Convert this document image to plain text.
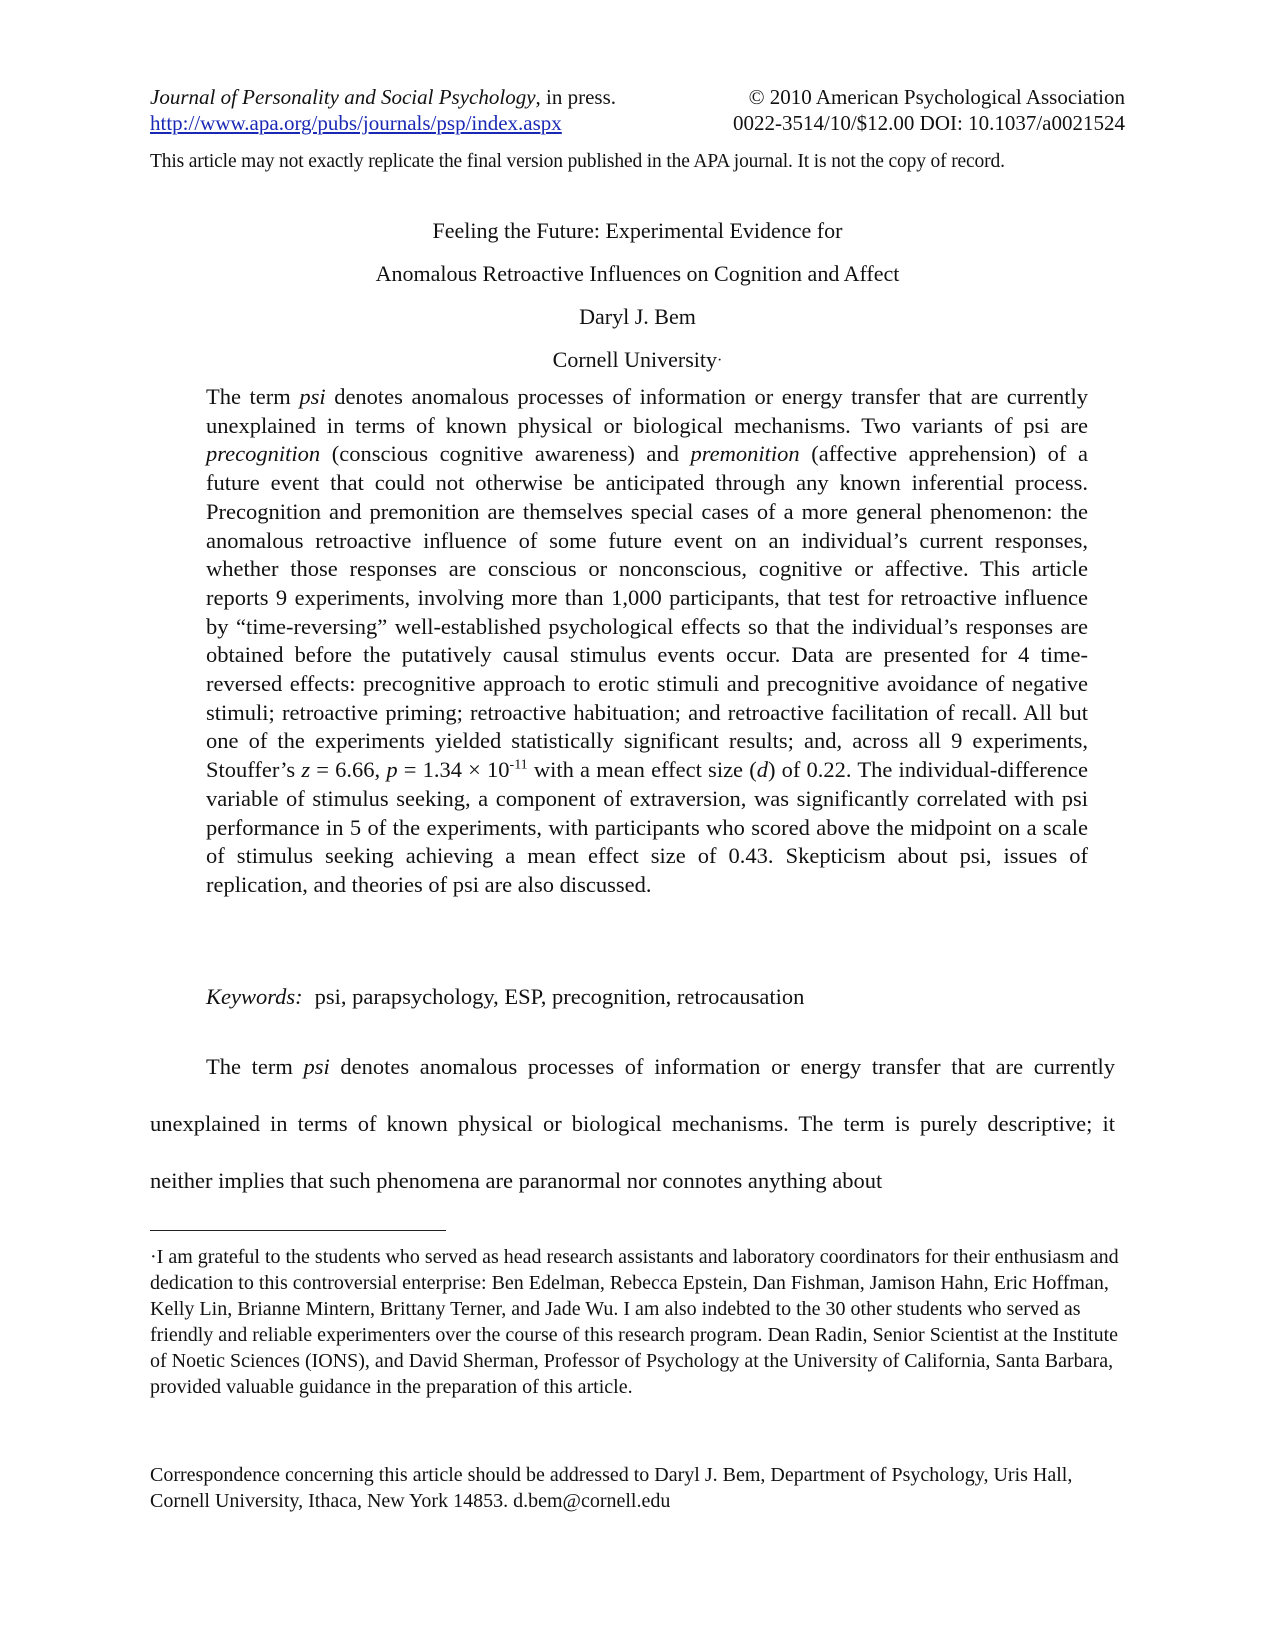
Journal of Personality and Social Psychology, in press.
http://www.apa.org/pubs/journals/psp/index.aspx
© 2010 American Psychological Association
0022-3514/10/$12.00 DOI: 10.1037/a0021524
This article may not exactly replicate the final version published in the APA journal. It is not the copy of record.
Feeling the Future: Experimental Evidence for
Anomalous Retroactive Influences on Cognition and Affect
Daryl J. Bem
Cornell University·
The term psi denotes anomalous processes of information or energy transfer that are currently unexplained in terms of known physical or biological mechanisms. Two variants of psi are precognition (conscious cognitive awareness) and premonition (affective apprehension) of a future event that could not otherwise be anticipated through any known inferential process. Precognition and premonition are themselves special cases of a more general phenomenon: the anomalous retroactive influence of some future event on an individual’s current responses, whether those responses are conscious or nonconscious, cognitive or affective. This article reports 9 experiments, involving more than 1,000 participants, that test for retroactive influence by “time-reversing” well-established psychological effects so that the individual’s responses are obtained before the putatively causal stimulus events occur. Data are presented for 4 time-reversed effects: precognitive approach to erotic stimuli and precognitive avoidance of negative stimuli; retroactive priming; retroactive habituation; and retroactive facilitation of recall. All but one of the experiments yielded statistically significant results; and, across all 9 experiments, Stouffer’s z = 6.66, $p = 1.34 \times 10^{-11}$ with a mean effect size (d) of 0.22. The individual-difference variable of stimulus seeking, a component of extraversion, was significantly correlated with psi performance in 5 of the experiments, with participants who scored above the midpoint on a scale of stimulus seeking achieving a mean effect size of 0.43. Skepticism about psi, issues of replication, and theories of psi are also discussed.
Keywords: psi, parapsychology, ESP, precognition, retrocausation
The term psi denotes anomalous processes of information or energy transfer that are currently unexplained in terms of known physical or biological mechanisms. The term is purely descriptive; it neither implies that such phenomena are paranormal nor connotes anything about
·I am grateful to the students who served as head research assistants and laboratory coordinators for their enthusiasm and dedication to this controversial enterprise: Ben Edelman, Rebecca Epstein, Dan Fishman, Jamison Hahn, Eric Hoffman, Kelly Lin, Brianne Mintern, Brittany Terner, and Jade Wu. I am also indebted to the 30 other students who served as friendly and reliable experimenters over the course of this research program. Dean Radin, Senior Scientist at the Institute of Noetic Sciences (IONS), and David Sherman, Professor of Psychology at the University of California, Santa Barbara, provided valuable guidance in the preparation of this article.
Correspondence concerning this article should be addressed to Daryl J. Bem, Department of Psychology, Uris Hall, Cornell University, Ithaca, New York 14853. d.bem@cornell.edu
